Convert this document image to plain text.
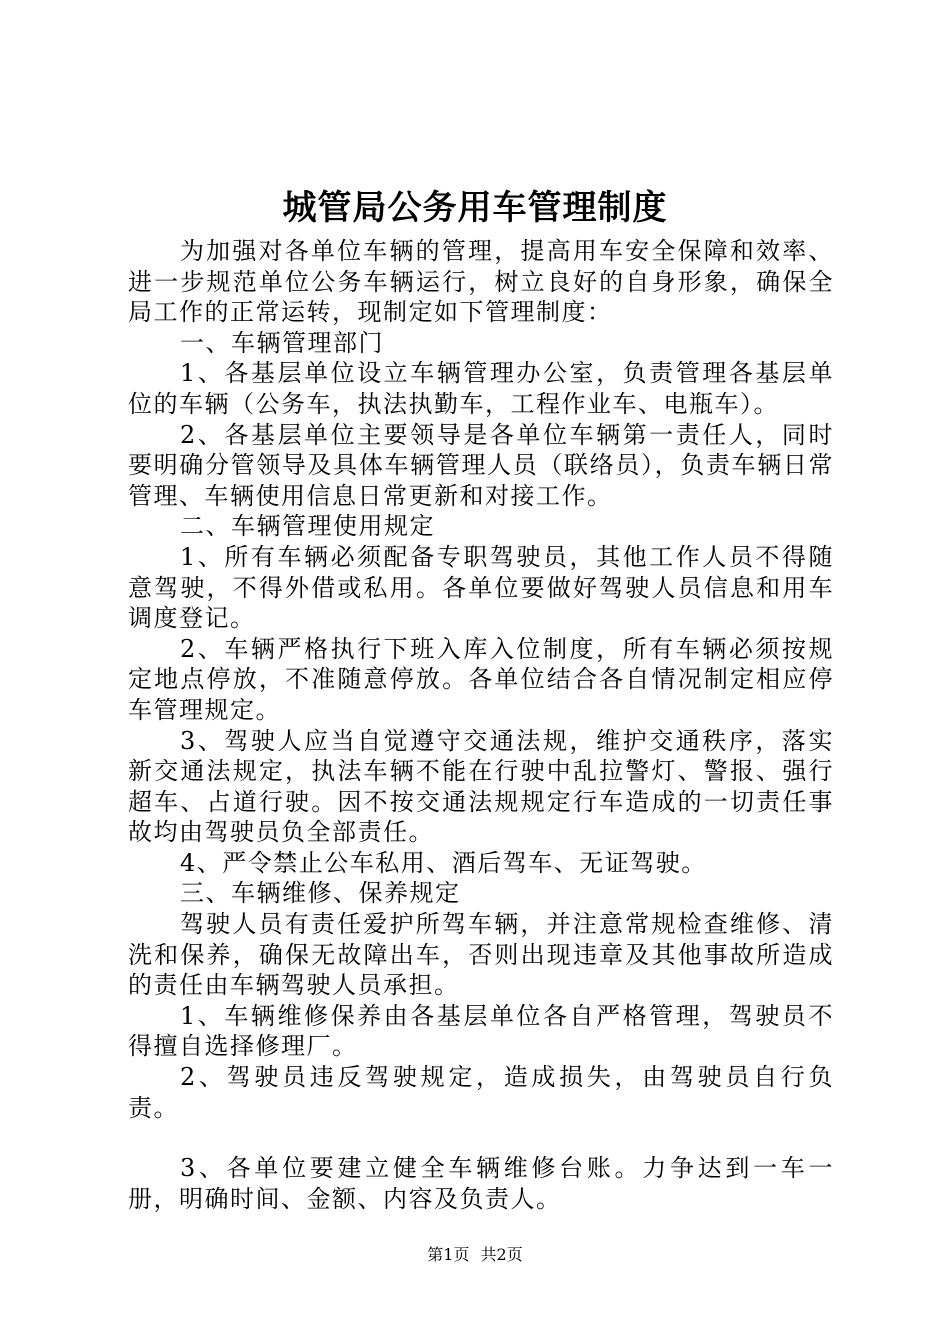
城管局公务用车管理制度

为加强对各单位车辆的管理，提高用车安全保障和效率、进一步规范单位公务车辆运行，树立良好的自身形象，确保全局工作的正常运转，现制定如下管理制度：

一、车辆管理部门

1、各基层单位设立车辆管理办公室，负责管理各基层单位的车辆（公务车，执法执勤车，工程作业车、电瓶车）。

2、各基层单位主要领导是各单位车辆第一责任人，同时要明确分管领导及具体车辆管理人员（联络员），负责车辆日常管理、车辆使用信息日常更新和对接工作。

二、车辆管理使用规定

1、所有车辆必须配备专职驾驶员，其他工作人员不得随意驾驶，不得外借或私用。各单位要做好驾驶人员信息和用车调度登记。

2、车辆严格执行下班入库入位制度，所有车辆必须按规定地点停放，不准随意停放。各单位结合各自情况制定相应停车管理规定。

3、驾驶人应当自觉遵守交通法规，维护交通秩序，落实新交通法规定，执法车辆不能在行驶中乱拉警灯、警报、强行超车、占道行驶。因不按交通法规规定行车造成的一切责任事故均由驾驶员负全部责任。

4、严令禁止公车私用、酒后驾车、无证驾驶。

三、车辆维修、保养规定

驾驶人员有责任爱护所驾车辆，并注意常规检查维修、清洗和保养，确保无故障出车，否则出现违章及其他事故所造成的责任由车辆驾驶人员承担。

1、车辆维修保养由各基层单位各自严格管理，驾驶员不得擅自选择修理厂。

2、驾驶员违反驾驶规定，造成损失，由驾驶员自行负责。

3、各单位要建立健全车辆维修台账。力争达到一车一册，明确时间、金额、内容及负责人。

第1页 共2页
